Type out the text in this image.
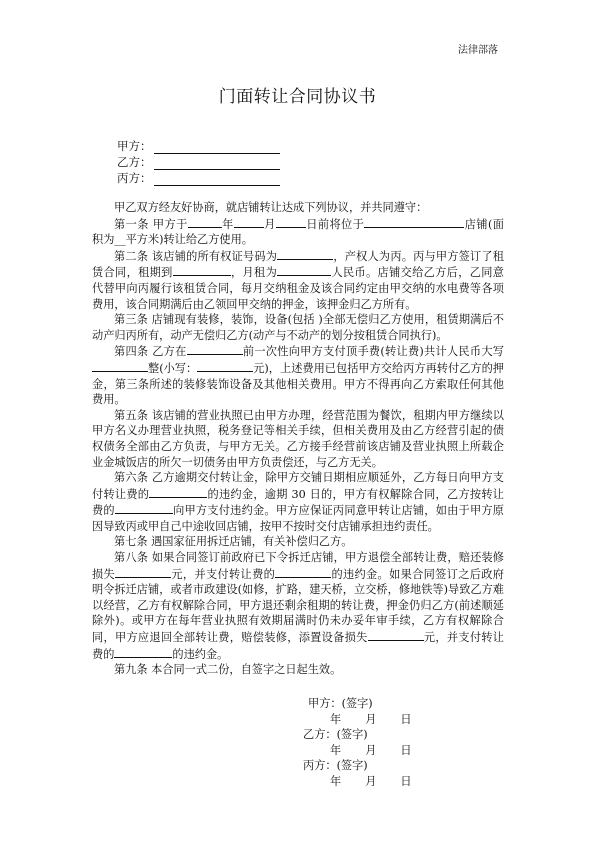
法律部落
门面转让合同协议书
甲方：
乙方：
丙方：

甲乙双方经友好协商，就店铺转让达成下列协议，并共同遵守：

第一条 甲方于	年	月	日前将位于	店铺(面积为__平方米)转让给乙方使用。

第二条 该店铺的所有权证号码为	，产权人为丙。丙与甲方签订了租赁合同，租期到	，月租为	人民币。店铺交给乙方后，乙同意代替甲向丙履行该租赁合同，每月交纳租金及该合同约定由甲交纳的水电费等各项费用，该合同期满后由乙领回甲交纳的押金，该押金归乙方所有。

第三条 店铺现有装修，装饰，设备(包括 )全部无偿归乙方使用，租赁期满后不动产归丙所有，动产无偿归乙方(动产与不动产的划分按租赁合同执行)。

第四条 乙方在	前一次性向甲方支付顶手费(转让费)共计人民币大写整(小写：	元)，上述费用已包括甲方交给丙方再转付乙方的押金，第三条所述的装修装饰设备及其他相关费用。甲方不得再向乙方索取任何其他费用。

第五条 该店铺的营业执照已由甲方办理，经营范围为餐饮，租期内甲方继续以甲方名义办理营业执照，税务登记等相关手续，但相关费用及由乙方经营引起的债权债务全部由乙方负责，与甲方无关。乙方接手经营前该店铺及营业执照上所载企业金城饭店的所欠一切债务由甲方负责偿还，与乙方无关。

第六条 乙方逾期交付转让金，除甲方交铺日期相应顺延外，乙方每日向甲方支付转让费的	的违约金，逾期 30 日的，甲方有权解除合同，乙方按转让费的	向甲方支付违约金。甲方应保证丙同意甲转让店铺，如由于甲方原因导致丙或甲自己中途收回店铺，按甲不按时交付店铺承担违约责任。

第七条 遇国家征用拆迁店铺，有关补偿归乙方。

第八条 如果合同签订前政府已下令拆迁店铺，甲方退偿全部转让费，赔还装修损失	元，并支付转让费的	的违约金。如果合同签订之后政府明令拆迁店铺，或者市政建设(如修，扩路，建天桥，立交桥，修地铁等)导致乙方难以经营，乙方有权解除合同，甲方退还剩余租期的转让费，押金仍归乙方(前述顺延除外)。或甲方在每年营业执照有效期届满时仍未办妥年审手续，乙方有权解除合同，甲方应退回全部转让费，赔偿装修，添置设备损失	元，并支付转让费的	的违约金。

第九条 本合同一式二份，自签字之日起生效。

甲方：(签字)
年 月 日
乙方：(签字)
年 月 日
丙方：(签字)
年 月 日
